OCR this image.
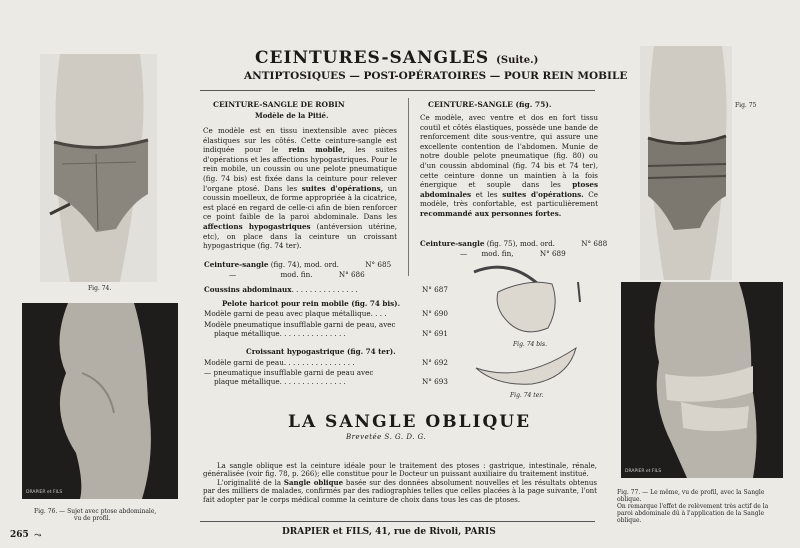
Fig. 74.
DRAPIER et FILS
Fig. 76. — Sujet avec ptose abdominale,
vu de profil.
Fig. 75
DRAPIER et FILS
Fig. 77. — Le même, vu de profil, avec la Sangle oblique.
On remarque l'effet de relèvement très actif de la
paroi abdominale dû à l'application de la Sangle
oblique.
CEINTURES-SANGLES (Suite.)
ANTIPTOSIQUES — POST-OPÉRATOIRES — POUR REIN MOBILE
CEINTURE-SANGLE DE ROBIN
Modèle de la Pitié.
Ce modèle est en tissu inextensible avec pièces élastiques sur les côtés. Cette ceinture-sangle est indiquée pour le rein mobile, les suites d'opérations et les affections hypogastriques. Pour le rein mobile, un coussin ou une pelote pneumatique (fig. 74 bis) est fixée dans la ceinture pour relever l'organe ptosé. Dans les suites d'opérations, un coussin moelleux, de forme appropriée à la cicatrice, est placé en regard de celle-ci afin de bien renforcer ce point faible de la paroi abdominale. Dans les affections hypogastriques (antéversion utérine, etc), on place dans la ceinture un croissant hypogastrique (fig. 74 ter).
Ceinture-sangle (fig. 74), mod. ord.	N° 685
—	mod. fin.	N° 686
CEINTURE-SANGLE (fig. 75).
Ce modèle, avec ventre et dos en fort tissu coutil et côtés élastiques, possède une bande de renforcement dite sous-ventre, qui assure une excellente contention de l'abdomen. Munie de notre double pelote pneumatique (fig. 80) ou d'un coussin abdominal (fig. 74 bis et 74 ter), cette ceinture donne un maintien à la fois énergique et souple dans les ptoses abdominales et les suites d'opérations. Ce modèle, très confortable, est particulièrement recommandé aux personnes fortes.
Ceinture-sangle (fig. 75), mod. ord.	N° 688
— mod. fin,	N° 689
Coussins abdominaux. . . . . . . . . . . . . . .	N° 687
Pelote haricot pour rein mobile (fig. 74 bis).
Modèle garni de peau avec plaque métallique. . . .	N° 690
Modèle pneumatique insufflable garni de peau, avec
plaque métallique. . . . . . . . . . . . . . .	N° 691
Croissant hypogastrique (fig. 74 ter).
Modèle garni de peau. . . . . . . . . . . . . . . .	N° 692
— pneumatique insufflable garni de peau avec
plaque métallique. . . . . . . . . . . . . . .	N° 693
Fig. 74 bis.
Fig. 74 ter.
LA SANGLE OBLIQUE
Brevetée S. G. D. G.
La sangle oblique est la ceinture idéale pour le traitement des ptoses : gastrique, intestinale, rénale, généralisée (voir fig. 78, p. 266); elle constitue pour le Docteur un puissant auxiliaire du traitement institué.
L'originalité de la Sangle oblique basée sur des données absolument nouvelles et les résultats obtenus par des milliers de malades, confirmés par des radiographies telles que celles placées à la page suivante, l'ont fait adopter par le corps médical comme la ceinture de choix dans tous les cas de ptoses.
265 ⤳	DRAPIER et FILS, 41, rue de Rivoli, PARIS
